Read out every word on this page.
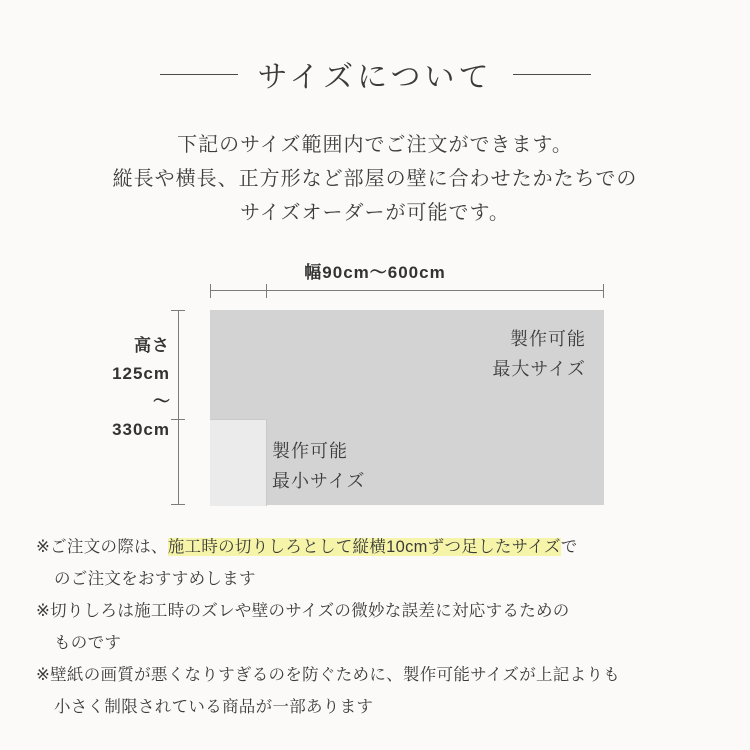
サイズについて
下記のサイズ範囲内でご注文ができます。
縦長や横長、正方形など部屋の壁に合わせたかたちでの
サイズオーダーが可能です。
幅90cm〜600cm
高さ
125cm
〜
330cm
製作可能
最大サイズ
製作可能
最小サイズ

※ご注文の際は、施工時の切りしろとして縦横10cmずつ足したサイズで

のご注文をおすすめします

※切りしろは施工時のズレや壁のサイズの微妙な誤差に対応するための

ものです

※壁紙の画質が悪くなりすぎるのを防ぐために、製作可能サイズが上記よりも

小さく制限されている商品が一部あります
